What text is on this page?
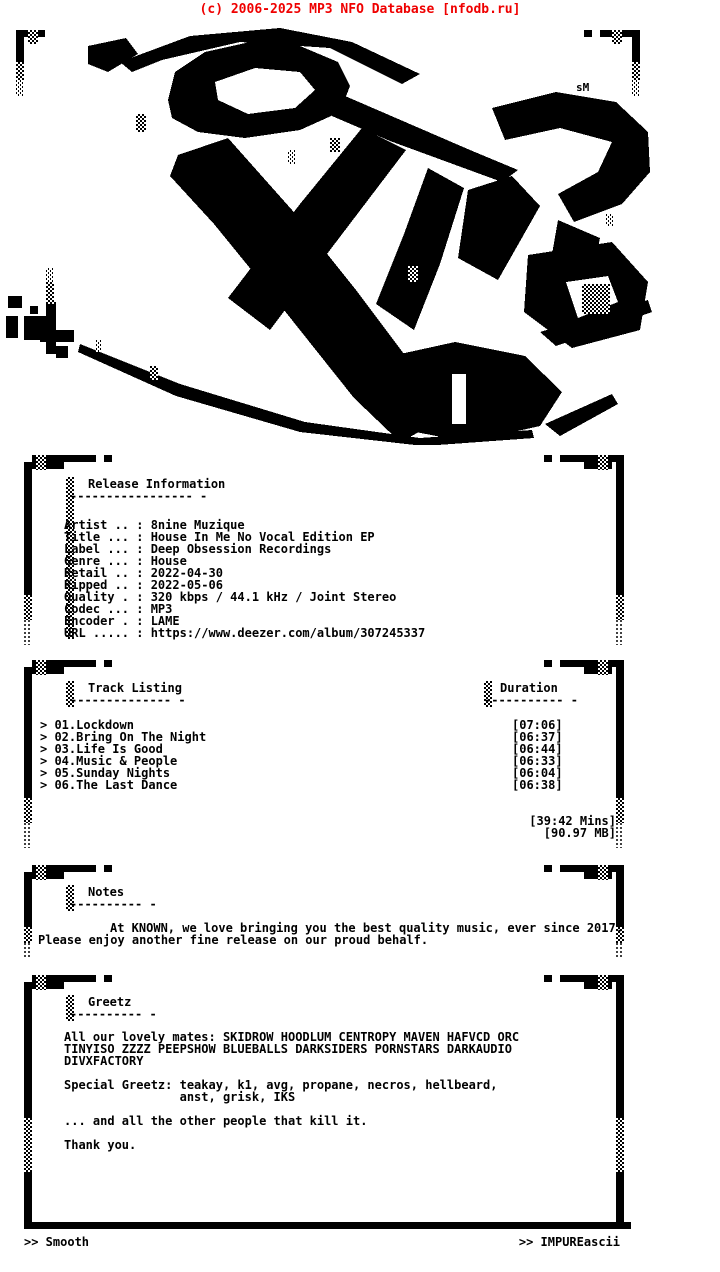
(c) 2006-2025 MP3 NFO Database [nfodb.ru]
sM
Release Information
----------------- -
Artist .. : 8nine Muzique
Title ... : House In Me No Vocal Edition EP
Label ... : Deep Obsession Recordings
Genre ... : House
Retail .. : 2022-04-30
Ripped .. : 2022-05-06
Quality . : 320 kbps / 44.1 kHz / Joint Stereo
Codec ... : MP3
Encoder . : LAME
URL ..... : https://www.deezer.com/album/307245337
Track Listing
-------------- -
Duration
----------- -
> 01.Lockdown	[07:06]
> 02.Bring On The Night	[06:37]
> 03.Life Is Good	[06:44]
> 04.Music & People	[06:33]
> 05.Sunday Nights	[06:04]
> 06.The Last Dance	[06:38]
[39:42 Mins]
[90.97 MB]
Notes
---------- -
At KNOWN, we love bringing you the best quality music, ever since 2017.
Please enjoy another fine release on our proud behalf.
Greetz
---------- -
All our lovely mates: SKIDROW HOODLUM CENTROPY MAVEN HAFVCD ORC
TINYISO ZZZZ PEEPSHOW BLUEBALLS DARKSIDERS PORNSTARS DARKAUDIO
DIVXFACTORY

Special Greetz: teakay, k1, avg, propane, necros, hellbeard,
anst, grisk, IKS

... and all the other people that kill it.

Thank you.
>> Smooth	>> IMPUREascii
